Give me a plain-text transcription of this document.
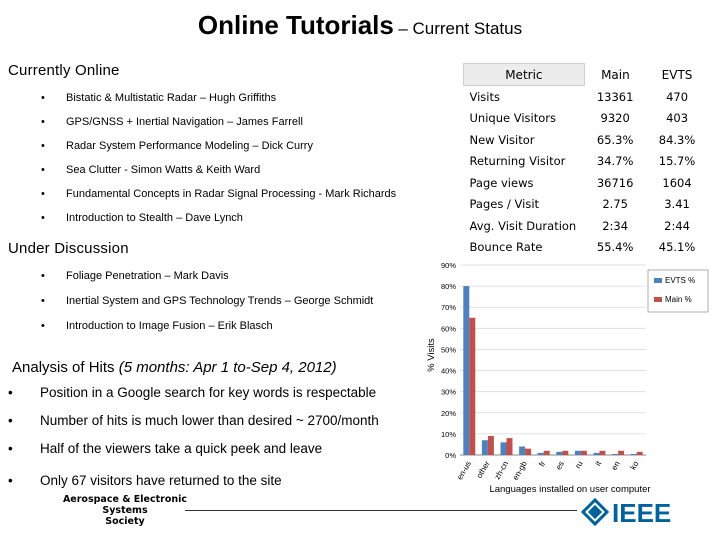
Online Tutorials – Current Status
Currently Online
• Bistatic & Multistatic Radar – Hugh Griffiths
• GPS/GNSS + Inertial Navigation – James Farrell
• Radar System Performance Modeling – Dick Curry
• Sea Clutter - Simon Watts & Keith Ward
• Fundamental Concepts in Radar Signal Processing - Mark Richards
• Introduction to Stealth – Dave Lynch
Under Discussion
• Foliage Penetration – Mark Davis
• Inertial System and GPS Technology Trends – George Schmidt
• Introduction to Image Fusion – Erik Blasch
Analysis of Hits (5 months: Apr 1 to-Sep 4, 2012)
• Position in a Google search for key words is respectable
• Number of hits is much lower than desired ~ 2700/month
• Half of the viewers take a quick peek and leave
• Only 67 visitors have returned to the site
Metric	Main	EVTS
Visits	13361	470
Unique Visitors	9320	403
New Visitor	65.3%	84.3%
Returning Visitor	34.7%	15.7%
Page views	36716	1604
Pages / Visit	2.75	3.41
Avg. Visit Duration	2:34	2:44
Bounce Rate	55.4%	45.1%
0%
10%
20%
30%
40%
50%
60%
70%
80%
90%
en-us other zh-cn en-gb fr es ru it en ko
% Visits
Languages installed on user computer
EVTS %
Main %
Aerospace & Electronic Systems
Society	IEEE
